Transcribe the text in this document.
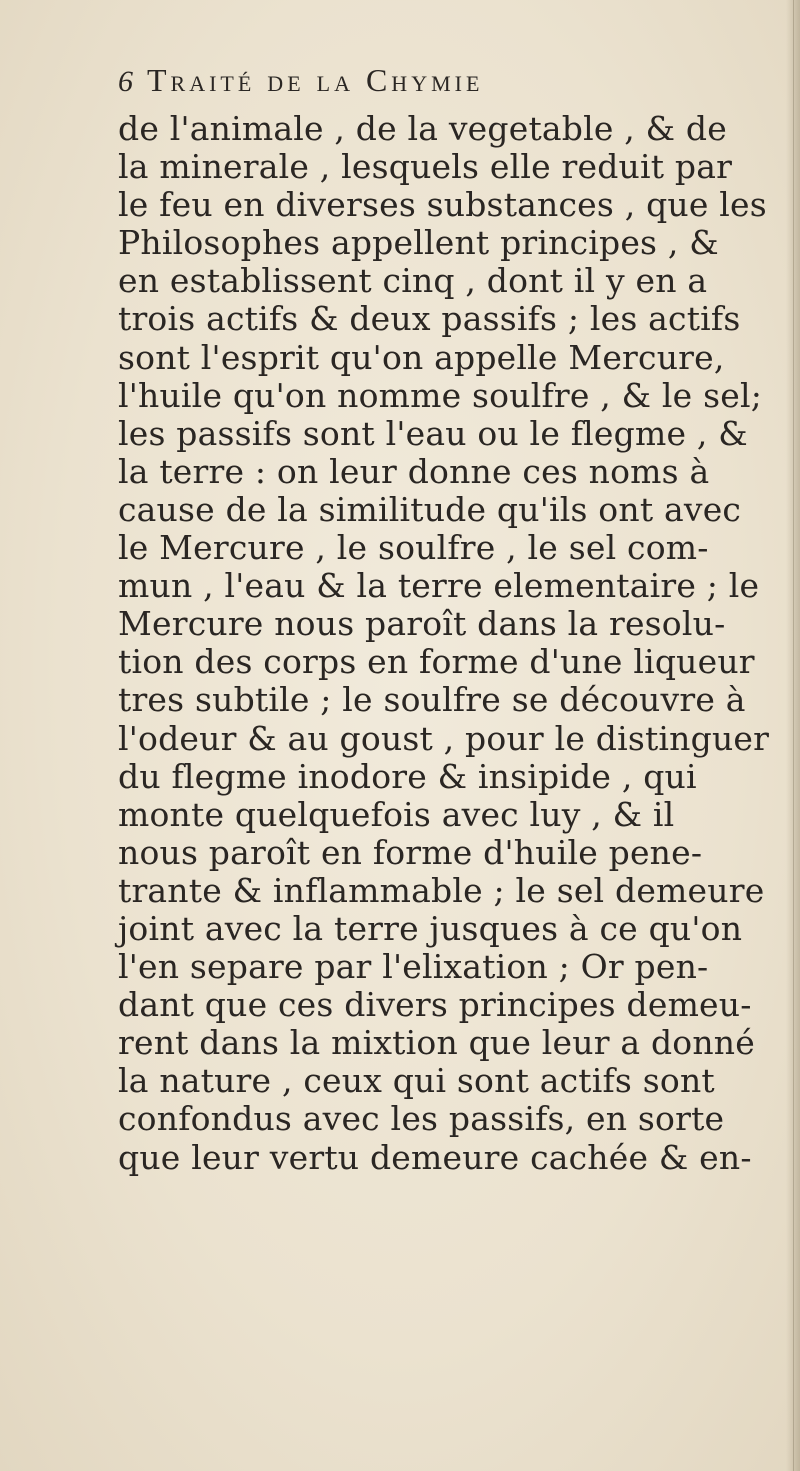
6 Traité de la Chymie
de l'animale , de la vegetable , & de
la minerale , lesquels elle reduit par
le feu en diverses substances , que les
Philosophes appellent principes , &
en establissent cinq , dont il y en a
trois actifs & deux passifs ; les actifs
sont l'esprit qu'on appelle Mercure,
l'huile qu'on nomme soulfre , & le sel;
les passifs sont l'eau ou le flegme , &
la terre : on leur donne ces noms à
cause de la similitude qu'ils ont avec
le Mercure , le soulfre , le sel com-
mun , l'eau & la terre elementaire ; le
Mercure nous paroît dans la resolu-
tion des corps en forme d'une liqueur
tres subtile ; le soulfre se découvre à
l'odeur & au goust , pour le distinguer
du flegme inodore & insipide , qui
monte quelquefois avec luy , & il
nous paroît en forme d'huile pene-
trante & inflammable ; le sel demeure
joint avec la terre jusques à ce qu'on
l'en separe par l'elixation ; Or pen-
dant que ces divers principes demeu-
rent dans la mixtion que leur a donné
la nature , ceux qui sont actifs sont
confondus avec les passifs, en sorte
que leur vertu demeure cachée & en-
